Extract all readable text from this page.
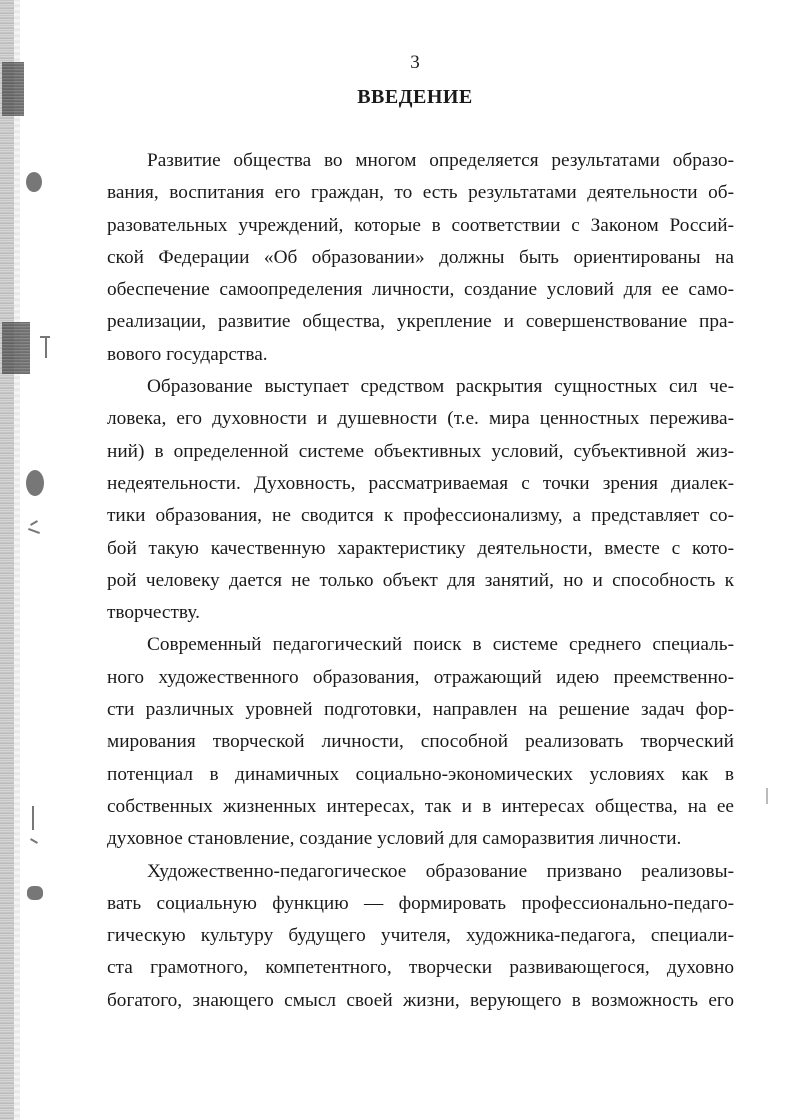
3
ВВЕДЕНИЕ
Развитие общества во многом определяется результатами образо-
вания, воспитания его граждан, то есть результатами деятельности об-
разовательных учреждений, которые в соответствии с Законом Россий-
ской Федерации «Об образовании» должны быть ориентированы на
обеспечение самоопределения личности, создание условий для ее само-
реализации, развитие общества, укрепление и совершенствование пра-
вового государства.
Образование выступает средством раскрытия сущностных сил че-
ловека, его духовности и душевности (т.е. мира ценностных пережива-
ний) в определенной системе объективных условий, субъективной жиз-
недеятельности. Духовность, рассматриваемая с точки зрения диалек-
тики образования, не сводится к профессионализму, а представляет со-
бой такую качественную характеристику деятельности, вместе с кото-
рой человеку дается не только объект для занятий, но и способность к
творчеству.
Современный педагогический поиск в системе среднего специаль-
ного художественного образования, отражающий идею преемственно-
сти различных уровней подготовки, направлен на решение задач фор-
мирования творческой личности, способной реализовать творческий
потенциал в динамичных социально-экономических условиях как в
собственных жизненных интересах, так и в интересах общества, на ее
духовное становление, создание условий для саморазвития личности.
Художественно-педагогическое образование призвано реализовы-
вать социальную функцию — формировать профессионально-педаго-
гическую культуру будущего учителя, художника-педагога, специали-
ста грамотного, компетентного, творчески развивающегося, духовно
богатого, знающего смысл своей жизни, верующего в возможность его
